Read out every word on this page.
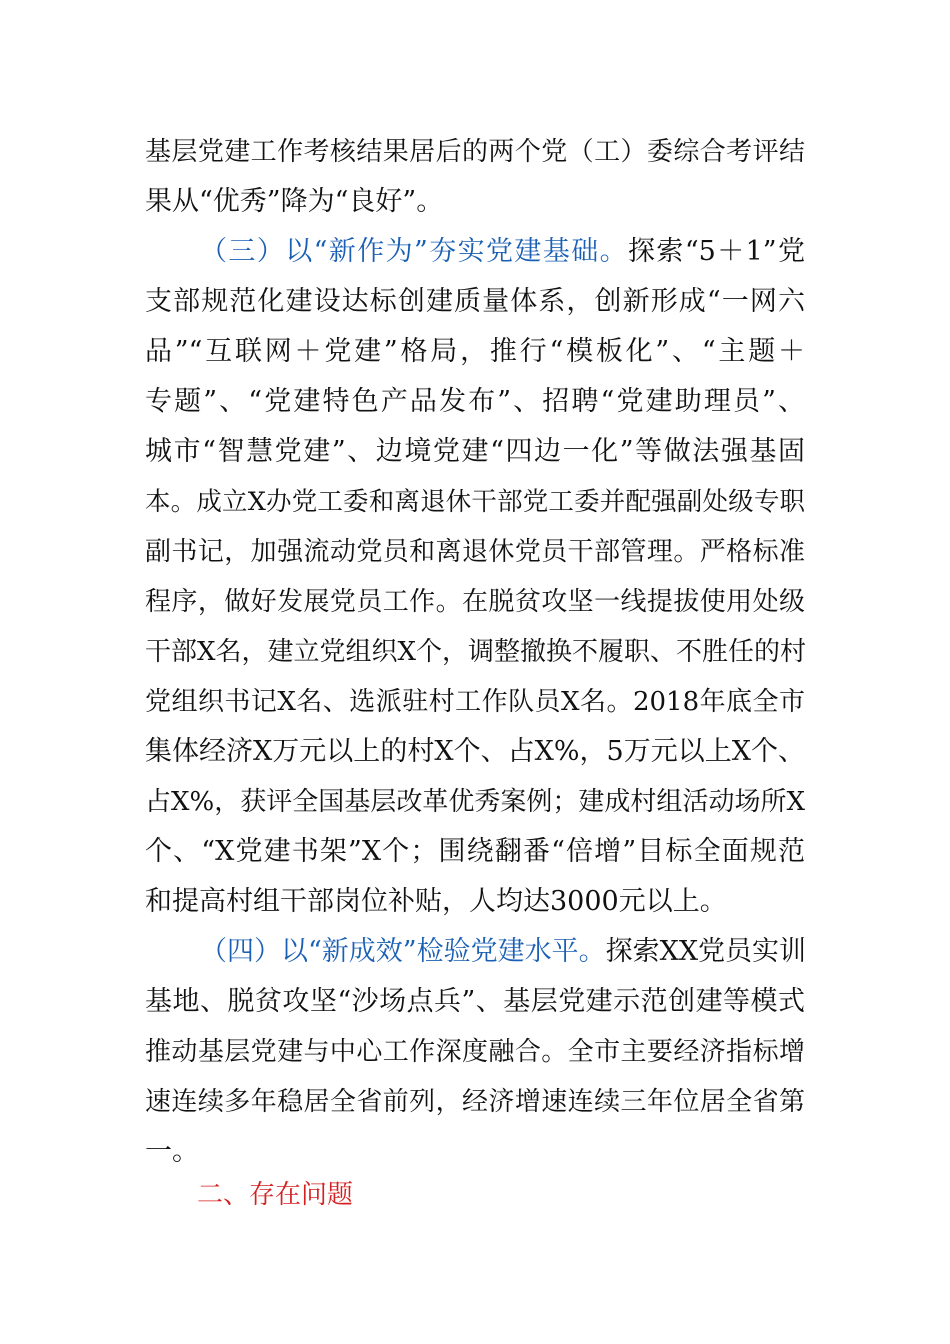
基层党建工作考核结果居后的两个党（工）委综合考评结
果从“优秀”降为“良好”。
（三）以“新作为”夯实党建基础。探索“5＋1”党
支部规范化建设达标创建质量体系，创新形成“一网六
品”“互联网＋党建”格局，推行“模板化”、“主题＋
专题”、“党建特色产品发布”、招聘“党建助理员”、
城市“智慧党建”、边境党建“四边一化”等做法强基固
本。成立X办党工委和离退休干部党工委并配强副处级专职
副书记，加强流动党员和离退休党员干部管理。严格标准
程序，做好发展党员工作。在脱贫攻坚一线提拔使用处级
干部X名，建立党组织X个，调整撤换不履职、不胜任的村
党组织书记X名、选派驻村工作队员X名。2018年底全市
集体经济X万元以上的村X个、占X%，5万元以上X个、
占X%，获评全国基层改革优秀案例；建成村组活动场所X
个、“X党建书架”X个；围绕翻番“倍增”目标全面规范
和提高村组干部岗位补贴，人均达3000元以上。
（四）以“新成效”检验党建水平。探索XX党员实训
基地、脱贫攻坚“沙场点兵”、基层党建示范创建等模式
推动基层党建与中心工作深度融合。全市主要经济指标增
速连续多年稳居全省前列，经济增速连续三年位居全省第
一。
二、存在问题
